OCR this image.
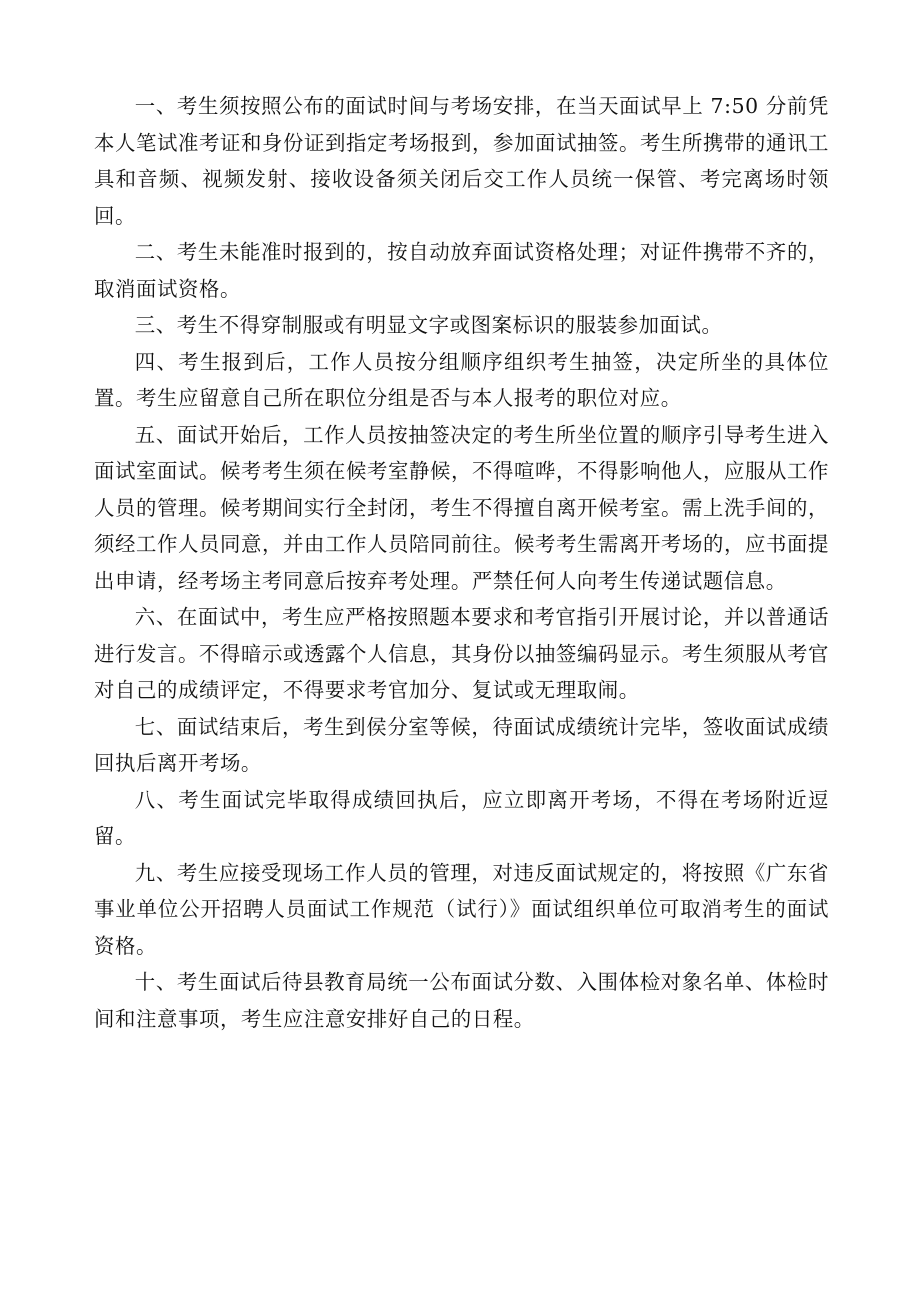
一、考生须按照公布的面试时间与考场安排，在当天面试早上 7:50 分前凭本人笔试准考证和身份证到指定考场报到，参加面试抽签。考生所携带的通讯工具和音频、视频发射、接收设备须关闭后交工作人员统一保管、考完离场时领回。

二、考生未能准时报到的，按自动放弃面试资格处理；对证件携带不齐的，取消面试资格。

三、考生不得穿制服或有明显文字或图案标识的服装参加面试。

四、考生报到后，工作人员按分组顺序组织考生抽签，决定所坐的具体位置。考生应留意自己所在职位分组是否与本人报考的职位对应。

五、面试开始后，工作人员按抽签决定的考生所坐位置的顺序引导考生进入面试室面试。候考考生须在候考室静候，不得喧哗，不得影响他人，应服从工作人员的管理。候考期间实行全封闭，考生不得擅自离开候考室。需上洗手间的，须经工作人员同意，并由工作人员陪同前往。候考考生需离开考场的，应书面提出申请，经考场主考同意后按弃考处理。严禁任何人向考生传递试题信息。

六、在面试中，考生应严格按照题本要求和考官指引开展讨论，并以普通话进行发言。不得暗示或透露个人信息，其身份以抽签编码显示。考生须服从考官对自己的成绩评定，不得要求考官加分、复试或无理取闹。

七、面试结束后，考生到侯分室等候，待面试成绩统计完毕，签收面试成绩回执后离开考场。

八、考生面试完毕取得成绩回执后，应立即离开考场，不得在考场附近逗留。

九、考生应接受现场工作人员的管理，对违反面试规定的，将按照《广东省事业单位公开招聘人员面试工作规范（试行）》面试组织单位可取消考生的面试资格。

十、考生面试后待县教育局统一公布面试分数、入围体检对象名单、体检时间和注意事项，考生应注意安排好自己的日程。
